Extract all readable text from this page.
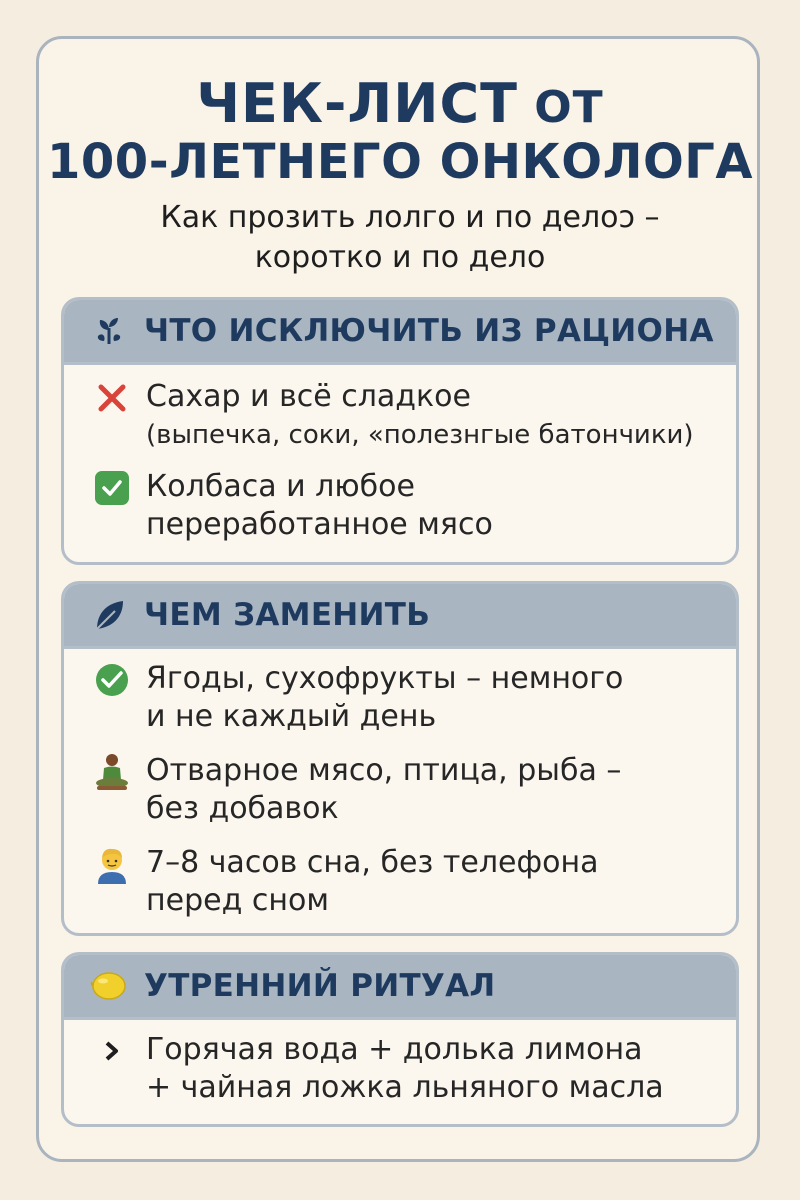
ЧЕК-ЛИСТ ОТ
100-ЛЕТНЕГО ОНКОЛОГА
Как прозить лолго и по делoↄ –
коротко и по дело
ЧТО ИСКЛЮЧИТЬ ИЗ РАЦИОНА
Сахар и всё сладкое
(выпечка, соки, «полезнгые батончики)
Колбаса и любое
переработанное мясо
ЧЕМ ЗАМЕНИТЬ
Ягоды, сухофрукты – немного
и не каждый день
Отварное мясо, птица, рыба –
без добавок
7–8 часов сна, без телефона
перед сном
УТРЕННИЙ РИТУАЛ
Горячая вода + долька лимона
+ чайная ложка льняного масла
